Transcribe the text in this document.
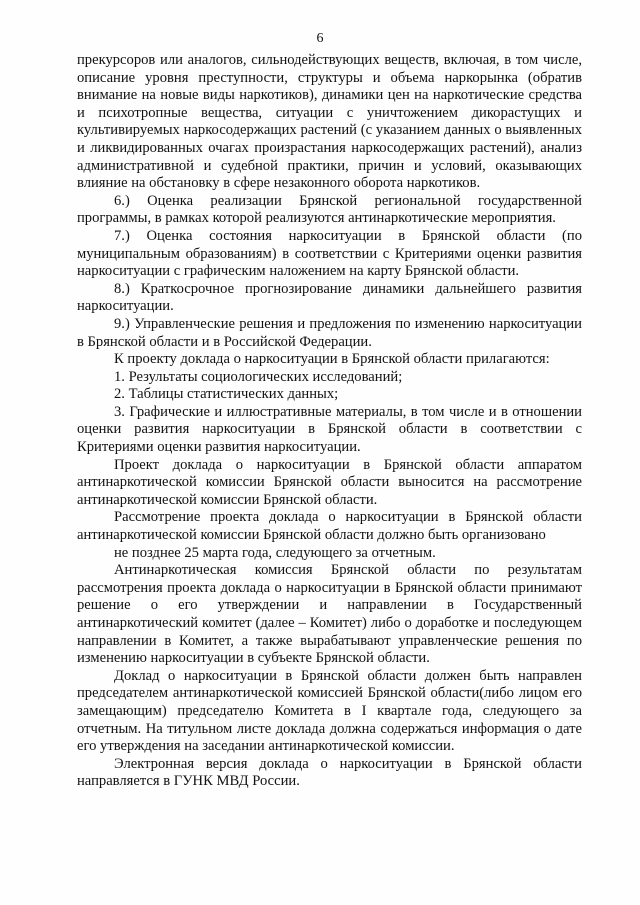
6

прекурсоров или аналогов, сильнодействующих веществ, включая, в том числе, описание уровня преступности, структуры и объема наркорынка (обратив внимание на новые виды наркотиков), динамики цен на наркотические средства и психотропные вещества, ситуации с уничтожением дикорастущих и культивируемых наркосодержащих растений (с указанием данных о выявленных и ликвидированных очагах произрастания наркосодержащих растений), анализ административной и судебной практики, причин и условий, оказывающих влияние на обстановку в сфере незаконного оборота наркотиков.

6.) Оценка реализации Брянской региональной государственной программы, в рамках которой реализуются антинаркотические мероприятия.

7.) Оценка состояния наркоситуации в Брянской области (по муниципальным образованиям) в соответствии с Критериями оценки развития наркоситуации с графическим наложением на карту Брянской области.

8.) Краткосрочное прогнозирование динамики дальнейшего развития наркоситуации.

9.) Управленческие решения и предложения по изменению наркоситуации в Брянской области и в Российской Федерации.

К проекту доклада о наркоситуации в Брянской области прилагаются:

1. Результаты социологических исследований;

2. Таблицы статистических данных;

3. Графические и иллюстративные материалы, в том числе и в отношении оценки развития наркоситуации в Брянской области в соответствии с Критериями оценки развития наркоситуации.

Проект доклада о наркоситуации в Брянской области аппаратом антинаркотической комиссии Брянской области выносится на рассмотрение антинаркотической комиссии Брянской области.

Рассмотрение проекта доклада о наркоситуации в Брянской области антинаркотической комиссии Брянской области должно быть организовано

не позднее 25 марта года, следующего за отчетным.

Антинаркотическая комиссия Брянской области по результатам рассмотрения проекта доклада о наркоситуации в Брянской области принимают решение о его утверждении и направлении в Государственный антинаркотический комитет (далее – Комитет) либо о доработке и последующем направлении в Комитет, а также вырабатывают управленческие решения по изменению наркоситуации в субъекте Брянской области.

Доклад о наркоситуации в Брянской области должен быть направлен председателем антинаркотической комиссией Брянской области(либо лицом его замещающим) председателю Комитета в I квартале года, следующего за отчетным. На титульном листе доклада должна содержаться информация о дате его утверждения на заседании антинаркотической комиссии.

Электронная версия доклада о наркоситуации в Брянской области направляется в ГУНК МВД России.
